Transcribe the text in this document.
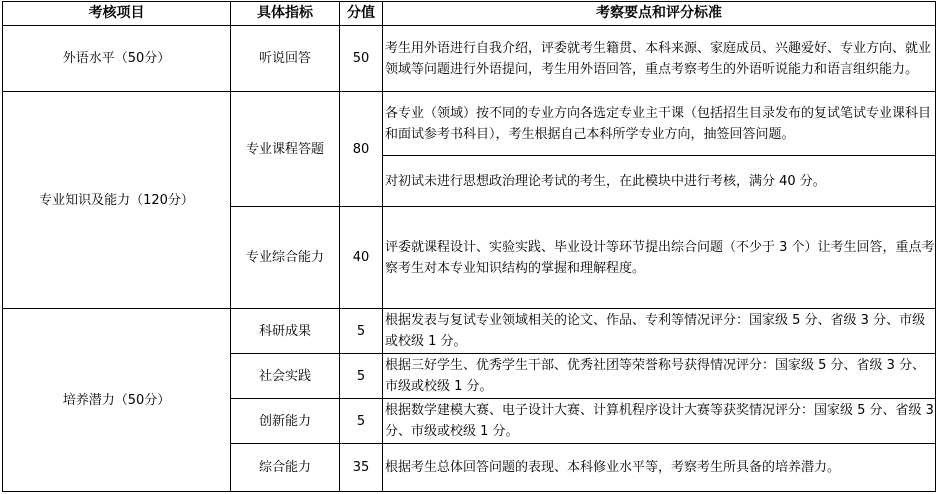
考核项目	具体指标	分值	考察要点和评分标准
外语水平（50分）	听说回答	50	考生用外语进行自我介绍，评委就考生籍贯、本科来源、家庭成员、兴趣爱好、专业方向、就业领域等问题进行外语提问，考生用外语回答，重点考察考生的外语听说能力和语言组织能力。
专业知识及能力（120分）	专业课程答题	80	各专业（领域）按不同的专业方向各选定专业主干课（包括招生目录发布的复试笔试专业课科目和面试参考书科目），考生根据自己本科所学专业方向，抽签回答问题。
			对初试未进行思想政治理论考试的考生，在此模块中进行考核，满分 40 分。
	专业综合能力	40	评委就课程设计、实验实践、毕业设计等环节提出综合问题（不少于 3 个）让考生回答，重点考察考生对本专业知识结构的掌握和理解程度。
培养潜力（50分）	科研成果	5	根据发表与复试专业领域相关的论文、作品、专利等情况评分：国家级 5 分、省级 3 分、市级或校级 1 分。
	社会实践	5	根据三好学生、优秀学生干部、优秀社团等荣誉称号获得情况评分：国家级 5 分、省级 3 分、市级或校级 1 分。
	创新能力	5	根据数学建模大赛、电子设计大赛、计算机程序设计大赛等获奖情况评分：国家级 5 分、省级 3 分、市级或校级 1 分。
	综合能力	35	根据考生总体回答问题的表现、本科修业水平等，考察考生所具备的培养潜力。
